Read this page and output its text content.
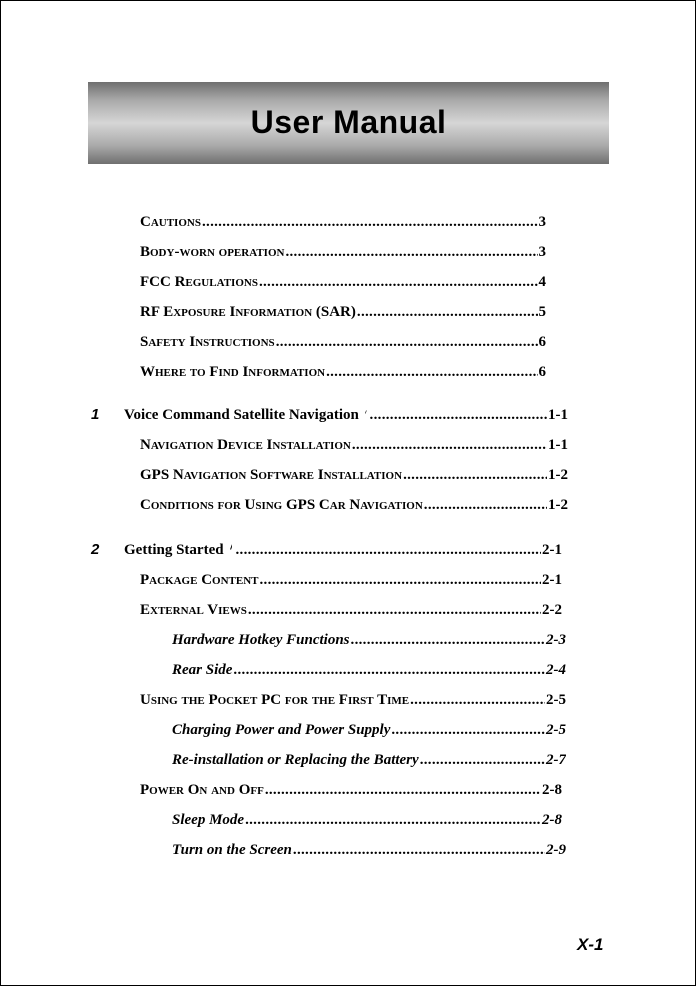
User Manual
Cautions .....	3
Body-worn operation .....	3
FCC Regulations .....	4
RF Exposure Information (SAR) .....	5
Safety Instructions .....	6
Where to Find Information .....	6
1 Voice Command Satellite Navigation .....	1-1
Navigation Device Installation .....	1-1
GPS Navigation Software Installation .....	1-2
Conditions for Using GPS Car Navigation .....	1-2
2 Getting Started .....	2-1
Package Content .....	2-1
External Views .....	2-2
Hardware Hotkey Functions .....	2-3
Rear Side .....	2-4
Using the Pocket PC for the First Time .....	2-5
Charging Power and Power Supply .....	2-5
Re-installation or Replacing the Battery .....	2-7
Power On and Off .....	2-8
Sleep Mode .....	2-8
Turn on the Screen .....	2-9
X-1
